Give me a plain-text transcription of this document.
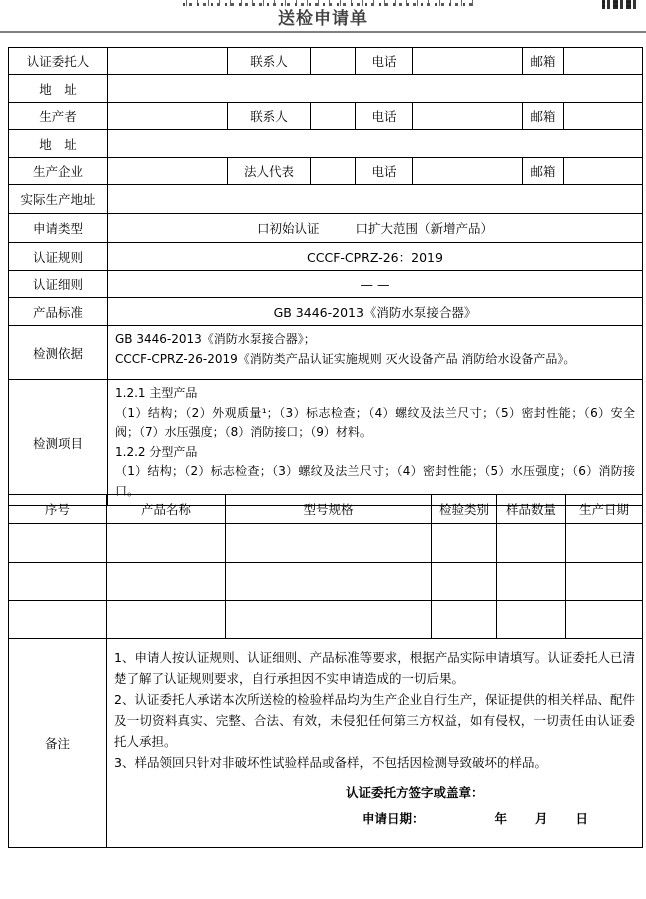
送检申请单
认证委托人		联系人		电话		邮箱	
地　址							
生产者		联系人		电话		邮箱	
地　址							
生产企业		法人代表		电话		邮箱	
实际生产地址							
申请类型	口初始认证 口扩大范围（新增产品）						
认证规则	CCCF-CPRZ-26：2019						
认证细则	— —						
产品标准	GB 3446-2013《消防水泵接合器》						
检测依据	GB 3446-2013《消防水泵接合器》；
CCCF-CPRZ-26-2019《消防类产品认证实施规则 灭火设备产品 消防给水设备产品》。						

检测项目	1.2.1 主型产品
（1）结构；（2）外观质量¹；（3）标志检查；（4）螺纹及法兰尺寸；（5）密封性能；（6）安全阀；（7）水压强度；（8）消防接口；（9）材料。
1.2.2 分型产品
（1）结构；（2）标志检查；（3）螺纹及法兰尺寸；（4）密封性能；（5）水压强度；（6）消防接口。						
序号	产品名称	型号规格	检验类别	样品数量	生产日期

备注	
1、申请人按认证规则、认证细则、产品标准等要求，根据产品实际申请填写。认证委托人已清楚了解了认证规则要求，自行承担因不实申请造成的一切后果。
2、认证委托人承诺本次所送检的检验样品均为生产企业自行生产，保证提供的相关样品、配件及一切资料真实、完整、合法、有效，未侵犯任何第三方权益，如有侵权，一切责任由认证委托人承担。
3、样品领回只针对非破坏性试验样品或备样，不包括因检测导致破坏的样品。
认证委托方签字或盖章：
申请日期：	年 月 日
